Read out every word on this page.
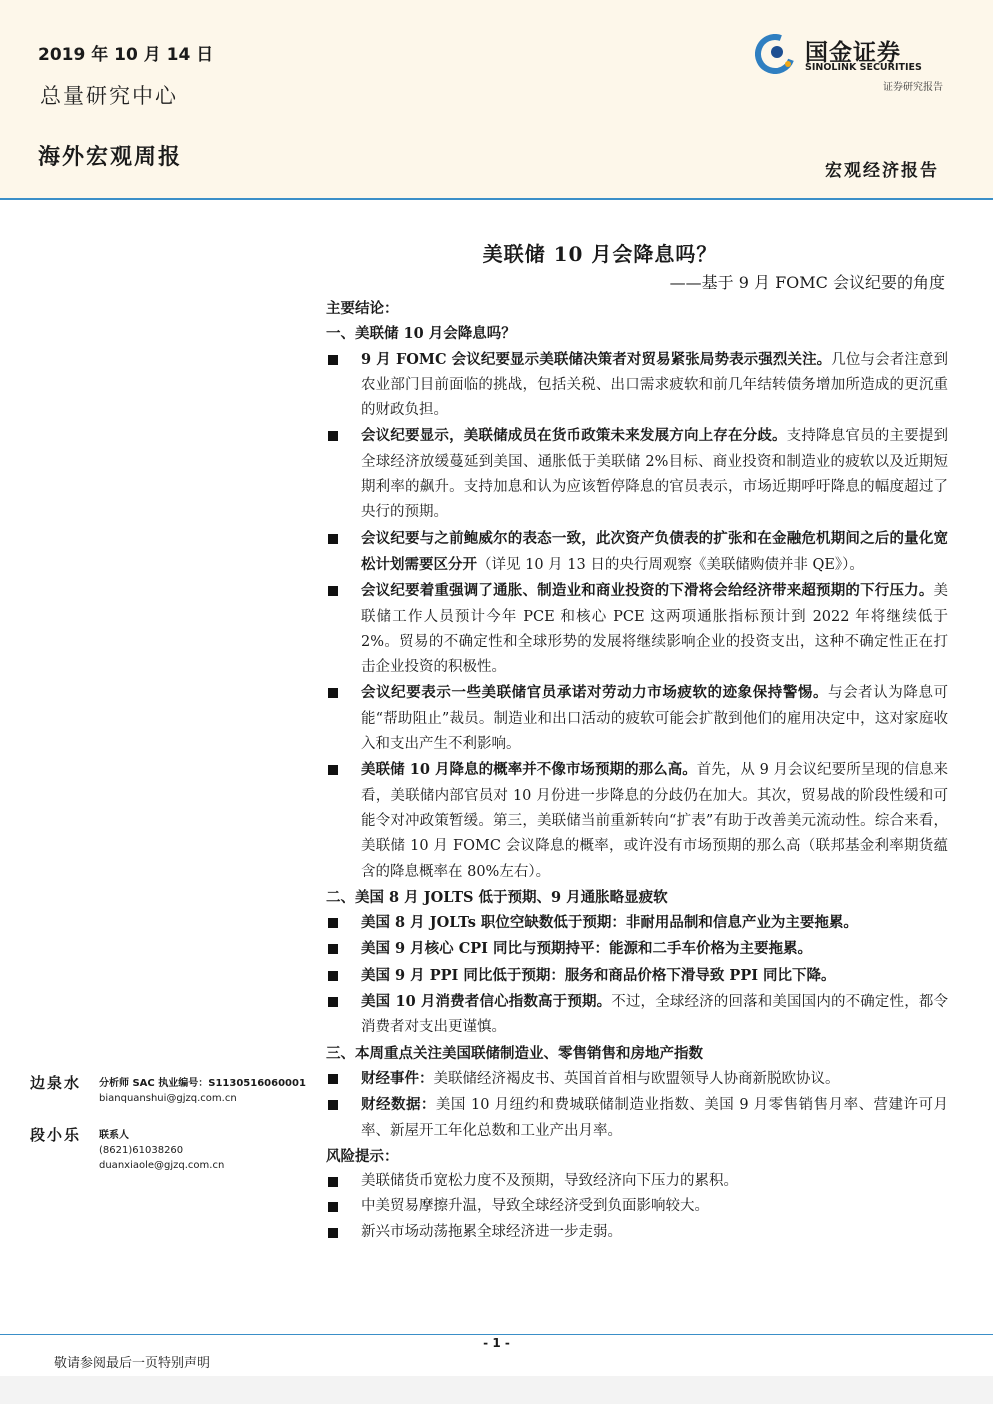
2019 年 10 月 14 日
总量研究中心
海外宏观周报
宏观经济报告
国金证券
SINOLINK SECURITIES
证券研究报告
美联储 10 月会降息吗？
——基于 9 月 FOMC 会议纪要的角度
主要结论：
一、美联储 10 月会降息吗？
9 月 FOMC 会议纪要显示美联储决策者对贸易紧张局势表示强烈关注。几位与会者注意到农业部门目前面临的挑战，包括关税、出口需求疲软和前几年结转债务增加所造成的更沉重的财政负担。
会议纪要显示，美联储成员在货币政策未来发展方向上存在分歧。支持降息官员的主要提到全球经济放缓蔓延到美国、通胀低于美联储 2%目标、商业投资和制造业的疲软以及近期短期利率的飙升。支持加息和认为应该暂停降息的官员表示，市场近期呼吁降息的幅度超过了央行的预期。
会议纪要与之前鲍威尔的表态一致，此次资产负债表的扩张和在金融危机期间之后的量化宽松计划需要区分开（详见 10 月 13 日的央行周观察《美联储购债并非 QE》）。
会议纪要着重强调了通胀、制造业和商业投资的下滑将会给经济带来超预期的下行压力。美联储工作人员预计今年 PCE 和核心 PCE 这两项通胀指标预计到 2022 年将继续低于 2%。贸易的不确定性和全球形势的发展将继续影响企业的投资支出，这种不确定性正在打击企业投资的积极性。
会议纪要表示一些美联储官员承诺对劳动力市场疲软的迹象保持警惕。与会者认为降息可能“帮助阻止”裁员。制造业和出口活动的疲软可能会扩散到他们的雇用决定中，这对家庭收入和支出产生不利影响。
美联储 10 月降息的概率并不像市场预期的那么高。首先，从 9 月会议纪要所呈现的信息来看，美联储内部官员对 10 月份进一步降息的分歧仍在加大。其次，贸易战的阶段性缓和可能令对冲政策暂缓。第三，美联储当前重新转向“扩表”有助于改善美元流动性。综合来看，美联储 10 月 FOMC 会议降息的概率，或许没有市场预期的那么高（联邦基金利率期货蕴含的降息概率在 80%左右）。
二、美国 8 月 JOLTS 低于预期、9 月通胀略显疲软
美国 8 月 JOLTs 职位空缺数低于预期：非耐用品制和信息产业为主要拖累。
美国 9 月核心 CPI 同比与预期持平：能源和二手车价格为主要拖累。
美国 9 月 PPI 同比低于预期：服务和商品价格下滑导致 PPI 同比下降。
美国 10 月消费者信心指数高于预期。不过，全球经济的回落和美国国内的不确定性，都令消费者对支出更谨慎。
三、本周重点关注美国联储制造业、零售销售和房地产指数
财经事件：美联储经济褐皮书、英国首首相与欧盟领导人协商新脱欧协议。
财经数据：美国 10 月纽约和费城联储制造业指数、美国 9 月零售销售月率、营建许可月率、新屋开工年化总数和工业产出月率。
风险提示：
美联储货币宽松力度不及预期，导致经济向下压力的累积。
中美贸易摩擦升温，导致全球经济受到负面影响较大。
新兴市场动荡拖累全球经济进一步走弱。
边泉水 分析师 SAC 执业编号：S1130516060001
bianquanshui@gjzq.com.cn
段小乐 联系人
(8621)61038260
duanxiaole@gjzq.com.cn
- 1 -
敬请参阅最后一页特别声明
